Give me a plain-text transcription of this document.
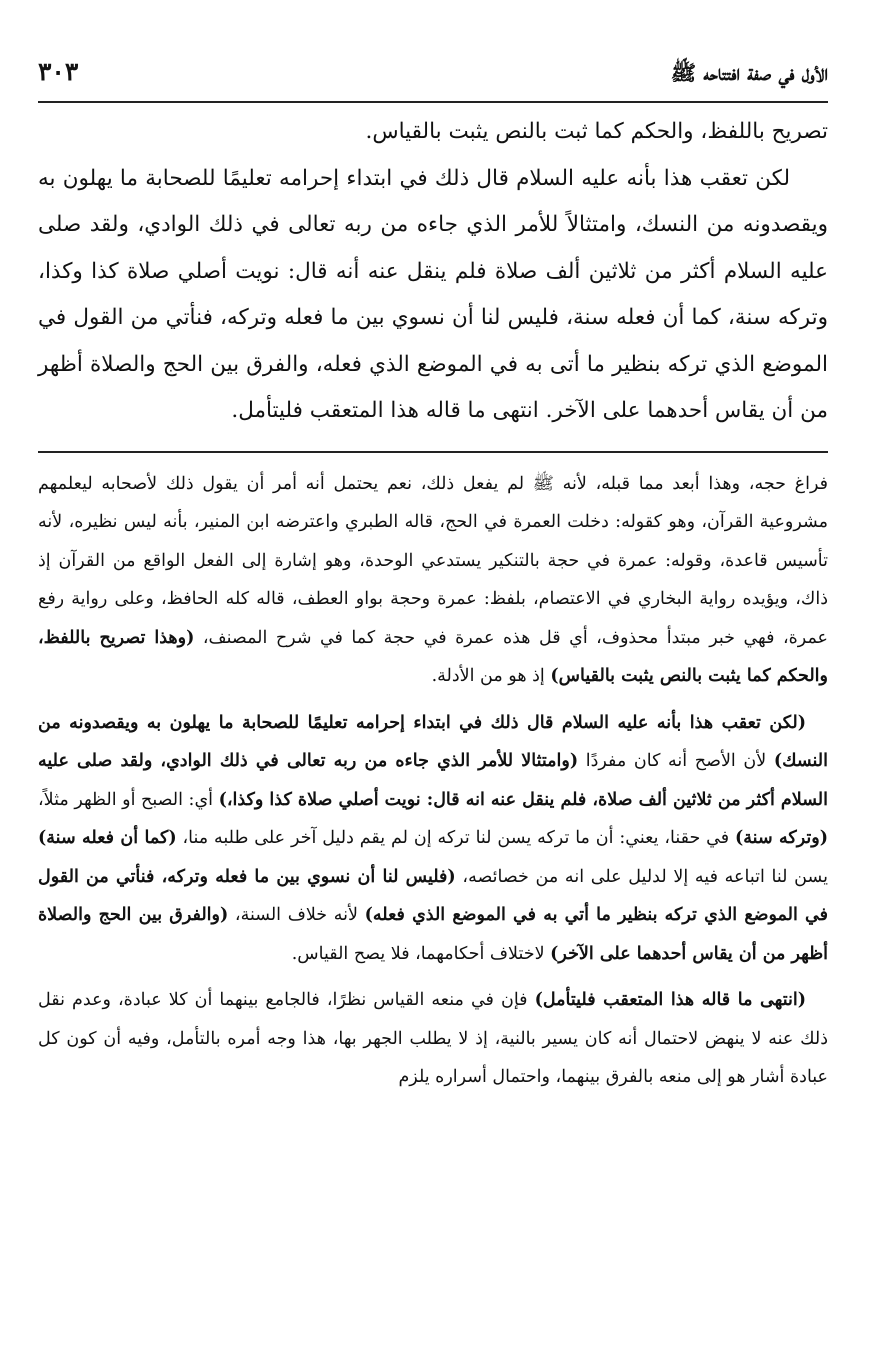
الأول في صفة افتتاحه ﷺ
٣٠٣

تصريح باللفظ، والحكم كما ثبت بالنص يثبت بالقياس.

لكن تعقب هذا بأنه عليه السلام قال ذلك في ابتداء إحرامه تعليمًا للصحابة ما يهلون به ويقصدونه من النسك، وامتثالاً للأمر الذي جاءه من ربه تعالى في ذلك الوادي، ولقد صلى عليه السلام أكثر من ثلاثين ألف صلاة فلم ينقل عنه أنه قال: نويت أصلي صلاة كذا وكذا، وتركه سنة، كما أن فعله سنة، فليس لنا أن نسوي بين ما فعله وتركه، فنأتي من القول في الموضع الذي تركه بنظير ما أتى به في الموضع الذي فعله، والفرق بين الحج والصلاة أظهر من أن يقاس أحدهما على الآخر. انتهى ما قاله هذا المتعقب فليتأمل.

فراغ حجه، وهذا أبعد مما قبله، لأنه ﷺ لم يفعل ذلك، نعم يحتمل أنه أمر أن يقول ذلك لأصحابه ليعلمهم مشروعية القرآن، وهو كقوله: دخلت العمرة في الحج، قاله الطبري واعترضه ابن المنير، بأنه ليس نظيره، لأنه تأسيس قاعدة، وقوله: عمرة في حجة بالتنكير يستدعي الوحدة، وهو إشارة إلى الفعل الواقع من القرآن إذ ذاك، ويؤيده رواية البخاري في الاعتصام، بلفظ: عمرة وحجة بواو العطف، قاله كله الحافظ، وعلى رواية رفع عمرة، فهي خبر مبتدأ محذوف، أي قل هذه عمرة في حجة كما في شرح المصنف، (وهذا تصريح باللفظ، والحكم كما يثبت بالنص يثبت بالقياس) إذ هو من الأدلة.

(لكن تعقب هذا بأنه عليه السلام قال ذلك في ابتداء إحرامه تعليمًا للصحابة ما يهلون به ويقصدونه من النسك) لأن الأصح أنه كان مفردًا (وامتثالا للأمر الذي جاءه من ربه تعالى في ذلك الوادي، ولقد صلى عليه السلام أكثر من ثلاثين ألف صلاة، فلم ينقل عنه انه قال: نويت أصلي صلاة كذا وكذا،) أي: الصبح أو الظهر مثلاً، (وتركه سنة) في حقنا، يعني: أن ما تركه يسن لنا تركه إن لم يقم دليل آخر على طلبه منا، (كما أن فعله سنة) يسن لنا اتباعه فيه إلا لدليل على انه من خصائصه، (فليس لنا أن نسوي بين ما فعله وتركه، فنأتي من القول في الموضع الذي تركه بنظير ما أتي به في الموضع الذي فعله) لأنه خلاف السنة، (والفرق بين الحج والصلاة أظهر من أن يقاس أحدهما على الآخر) لاختلاف أحكامهما، فلا يصح القياس.

(انتهى ما قاله هذا المتعقب فليتأمل) فإن في منعه القياس نظرًا، فالجامع بينهما أن كلا عبادة، وعدم نقل ذلك عنه لا ينهض لاحتمال أنه كان يسير بالنية، إذ لا يطلب الجهر بها، هذا وجه أمره بالتأمل، وفيه أن كون كل عبادة أشار هو إلى منعه بالفرق بينهما، واحتمال أسراره يلزم
